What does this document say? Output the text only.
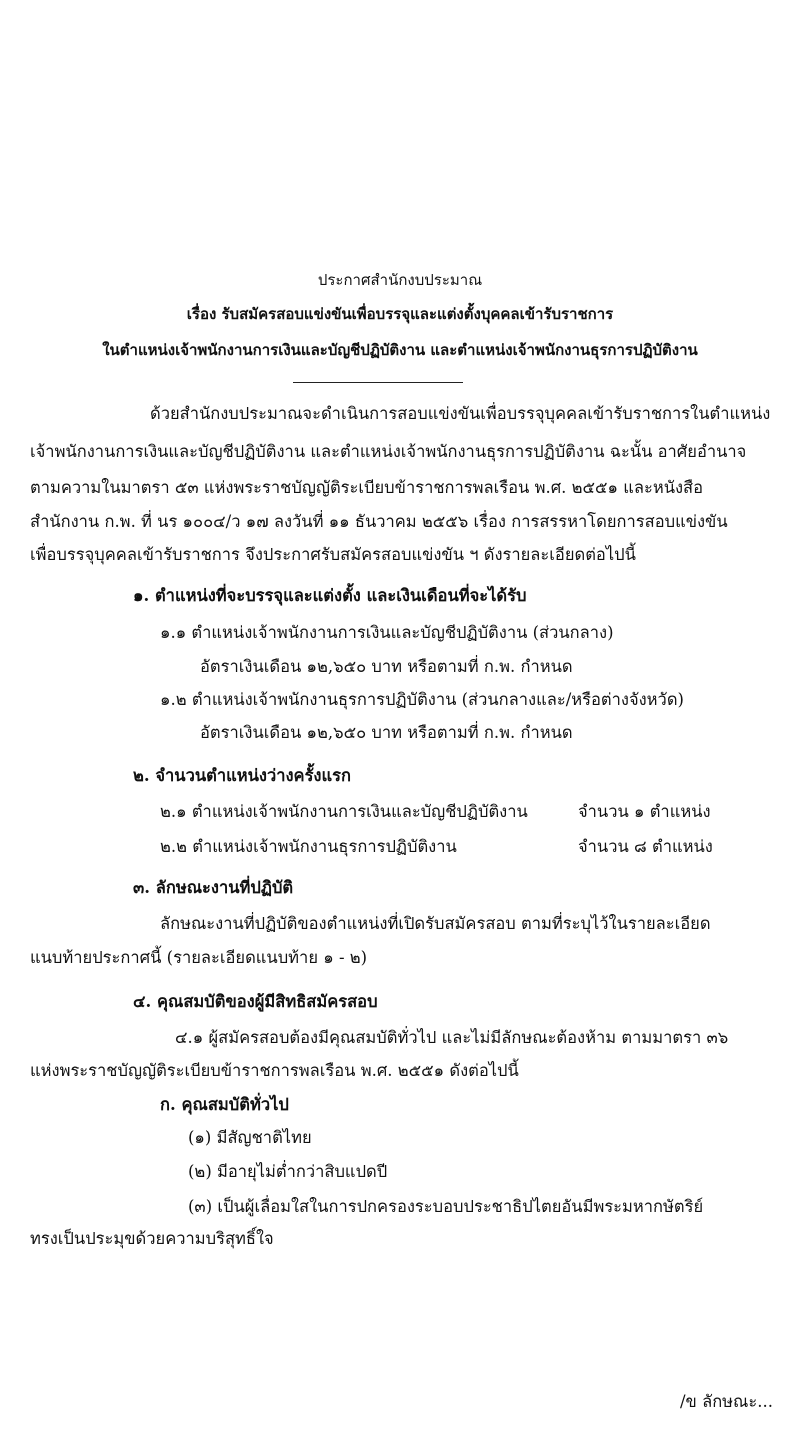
ประกาศสำนักงบประมาณ
เรื่อง รับสมัครสอบแข่งขันเพื่อบรรจุและแต่งตั้งบุคคลเข้ารับราชการ
ในตำแหน่งเจ้าพนักงานการเงินและบัญชีปฏิบัติงาน และตำแหน่งเจ้าพนักงานธุรการปฏิบัติงาน
ด้วยสำนักงบประมาณจะดำเนินการสอบแข่งขันเพื่อบรรจุบุคคลเข้ารับราชการในตำแหน่ง
เจ้าพนักงานการเงินและบัญชีปฏิบัติงาน และตำแหน่งเจ้าพนักงานธุรการปฏิบัติงาน ฉะนั้น อาศัยอำนาจ
ตามความในมาตรา ๕๓ แห่งพระราชบัญญัติระเบียบข้าราชการพลเรือน พ.ศ. ๒๕๕๑ และหนังสือ
สำนักงาน ก.พ. ที่ นร ๑๐๐๔/ว ๑๗ ลงวันที่ ๑๑ ธันวาคม ๒๕๕๖ เรื่อง การสรรหาโดยการสอบแข่งขัน
เพื่อบรรจุบุคคลเข้ารับราชการ จึงประกาศรับสมัครสอบแข่งขัน ฯ ดังรายละเอียดต่อไปนี้
๑. ตำแหน่งที่จะบรรจุและแต่งตั้ง และเงินเดือนที่จะได้รับ
๑.๑ ตำแหน่งเจ้าพนักงานการเงินและบัญชีปฏิบัติงาน (ส่วนกลาง)
อัตราเงินเดือน ๑๒,๖๕๐ บาท หรือตามที่ ก.พ. กำหนด
๑.๒ ตำแหน่งเจ้าพนักงานธุรการปฏิบัติงาน (ส่วนกลางและ/หรือต่างจังหวัด)
อัตราเงินเดือน ๑๒,๖๕๐ บาท หรือตามที่ ก.พ. กำหนด
๒. จำนวนตำแหน่งว่างครั้งแรก
๒.๑ ตำแหน่งเจ้าพนักงานการเงินและบัญชีปฏิบัติงาน	จำนวน ๑ ตำแหน่ง
๒.๒ ตำแหน่งเจ้าพนักงานธุรการปฏิบัติงาน	จำนวน ๘ ตำแหน่ง
๓. ลักษณะงานที่ปฏิบัติ
ลักษณะงานที่ปฏิบัติของตำแหน่งที่เปิดรับสมัครสอบ ตามที่ระบุไว้ในรายละเอียด
แนบท้ายประกาศนี้ (รายละเอียดแนบท้าย ๑ - ๒)
๔. คุณสมบัติของผู้มีสิทธิสมัครสอบ
๔.๑ ผู้สมัครสอบต้องมีคุณสมบัติทั่วไป และไม่มีลักษณะต้องห้าม ตามมาตรา ๓๖
แห่งพระราชบัญญัติระเบียบข้าราชการพลเรือน พ.ศ. ๒๕๕๑ ดังต่อไปนี้
ก. คุณสมบัติทั่วไป
(๑) มีสัญชาติไทย
(๒) มีอายุไม่ต่ำกว่าสิบแปดปี
(๓) เป็นผู้เลื่อมใสในการปกครองระบอบประชาธิปไตยอันมีพระมหากษัตริย์
ทรงเป็นประมุขด้วยความบริสุทธิ์ใจ
/ข ลักษณะ...
